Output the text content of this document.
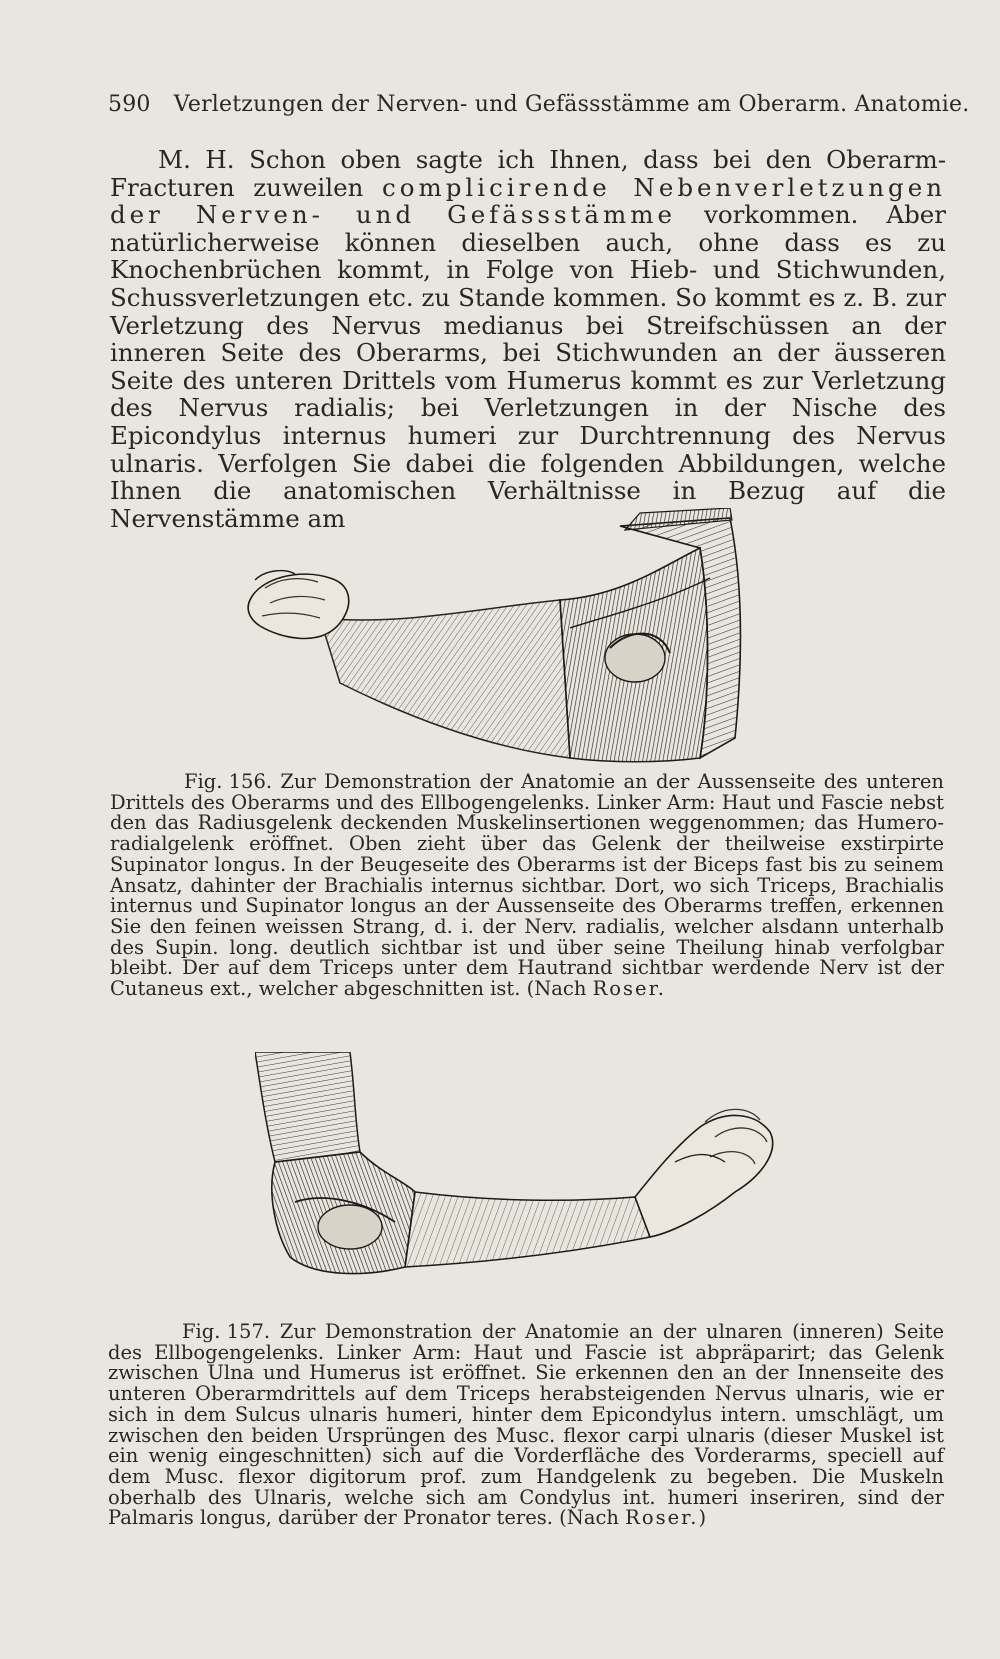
590 Verletzungen der Nerven- und Gefässstämme am Oberarm. Anatomie.
M. H. Schon oben sagte ich Ihnen, dass bei den Oberarm-Fracturen zuweilen complicirende Nebenverletzungen der Nerven- und Gefässstämme vorkommen. Aber natürlicherweise können dieselben auch, ohne dass es zu Knochenbrüchen kommt, in Folge von Hieb- und Stichwunden, Schussverletzungen etc. zu Stande kommen. So kommt es z. B. zur Verletzung des Nervus medianus bei Streifschüssen an der inneren Seite des Oberarms, bei Stichwunden an der äusseren Seite des unteren Drittels vom Humerus kommt es zur Verletzung des Nervus radialis; bei Verletzungen in der Nische des Epicondylus internus humeri zur Durchtrennung des Nervus ulnaris. Verfolgen Sie dabei die folgenden Abbildungen, welche Ihnen die anatomischen Verhältnisse in Bezug auf die Nervenstämme am
Fig. 156. Zur Demonstration der Anatomie an der Aussenseite des unteren Drittels des Oberarms und des Ellbogengelenks. Linker Arm: Haut und Fascie nebst den das Radiusgelenk deckenden Muskelinsertionen weggenommen; das Humero-radialgelenk eröffnet. Oben zieht über das Gelenk der theilweise exstirpirte Supinator longus. In der Beugeseite des Oberarms ist der Biceps fast bis zu seinem Ansatz, dahinter der Brachialis internus sichtbar. Dort, wo sich Triceps, Brachialis internus und Supinator longus an der Aussenseite des Oberarms treffen, erkennen Sie den feinen weissen Strang, d. i. der Nerv. radialis, welcher alsdann unterhalb des Supin. long. deutlich sichtbar ist und über seine Theilung hinab verfolgbar bleibt. Der auf dem Triceps unter dem Hautrand sichtbar werdende Nerv ist der Cutaneus ext., welcher abgeschnitten ist. (Nach Roser.
Fig. 157. Zur Demonstration der Anatomie an der ulnaren (inneren) Seite des Ellbogengelenks. Linker Arm: Haut und Fascie ist abpräparirt; das Gelenk zwischen Ulna und Humerus ist eröffnet. Sie erkennen den an der Innenseite des unteren Oberarmdrittels auf dem Triceps herabsteigenden Nervus ulnaris, wie er sich in dem Sulcus ulnaris humeri, hinter dem Epicondylus intern. umschlägt, um zwischen den beiden Ursprüngen des Musc. flexor carpi ulnaris (dieser Muskel ist ein wenig eingeschnitten) sich auf die Vorderfläche des Vorderarms, speciell auf dem Musc. flexor digitorum prof. zum Handgelenk zu begeben. Die Muskeln oberhalb des Ulnaris, welche sich am Condylus int. humeri inseriren, sind der Palmaris longus, darüber der Pronator teres. (Nach Roser.)
